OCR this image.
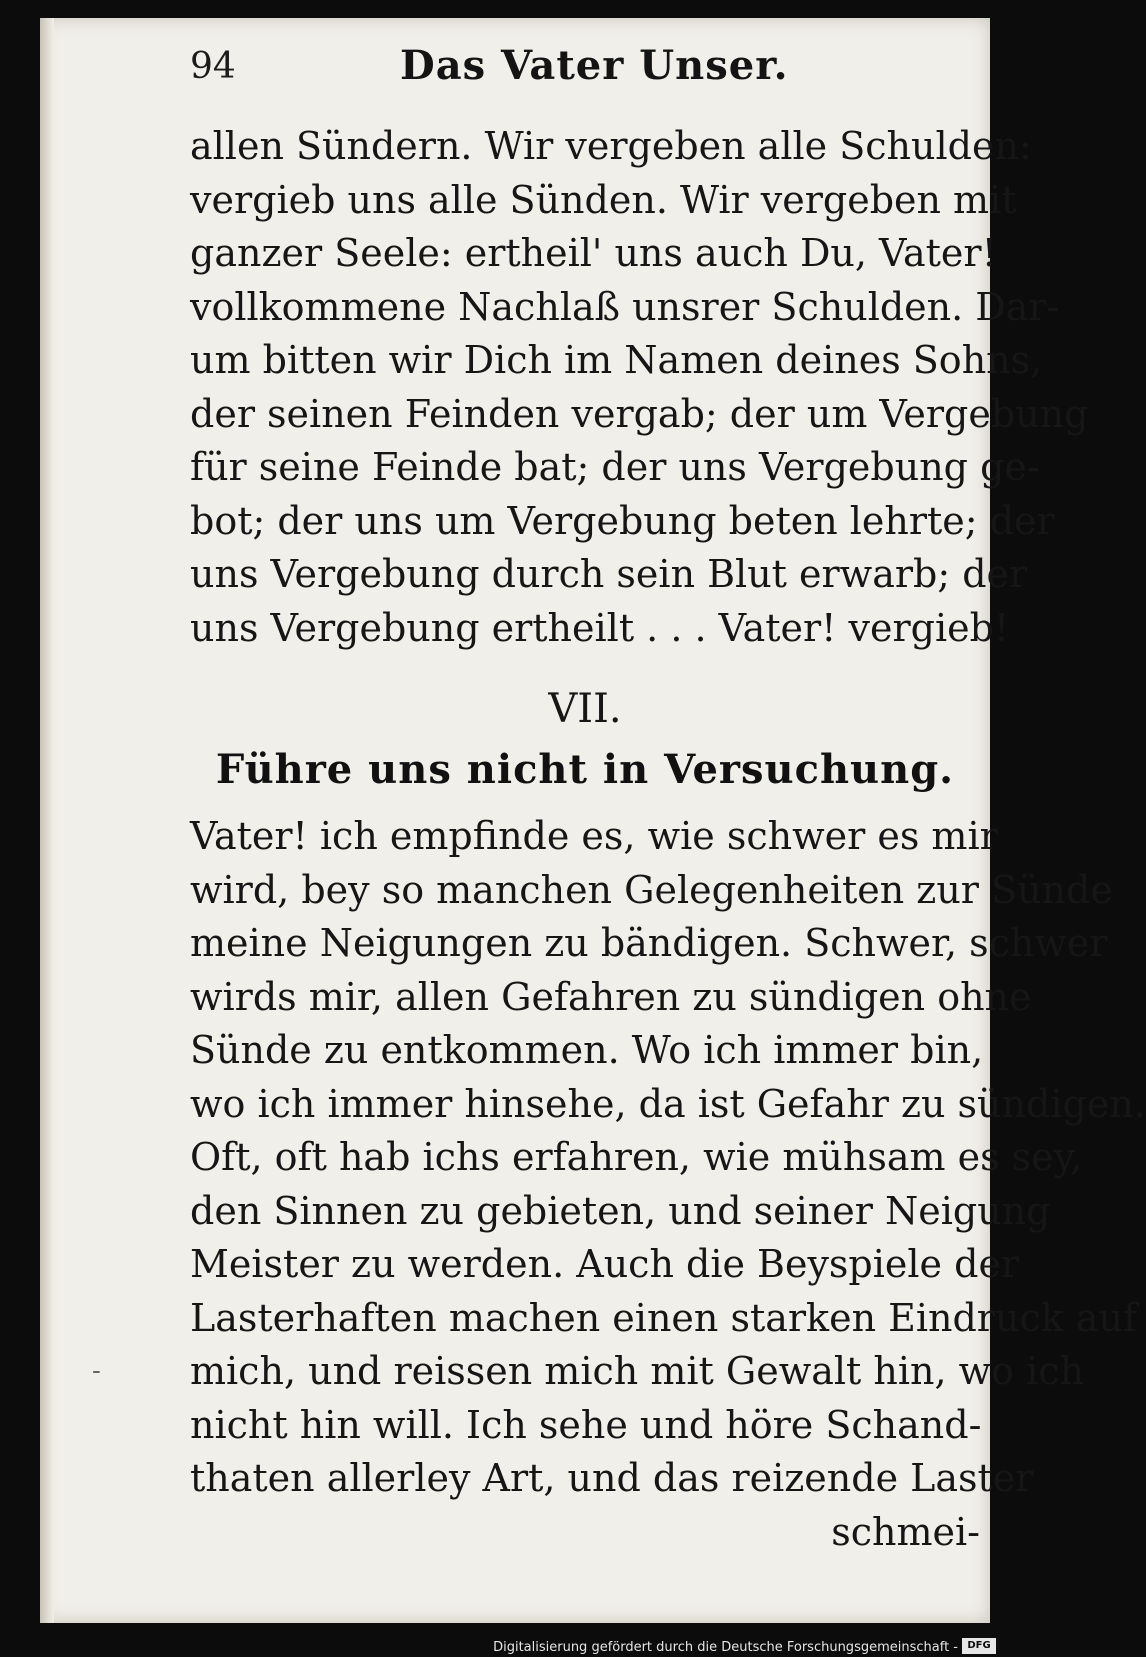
94	Das Vater Unser.
allen Sündern. Wir vergeben alle Schulden:
vergieb uns alle Sünden. Wir vergeben mit
ganzer Seele: ertheil' uns auch Du, Vater!
vollkommene Nachlaß unsrer Schulden. Dar-
um bitten wir Dich im Namen deines Sohns,
der seinen Feinden vergab; der um Vergebung
für seine Feinde bat; der uns Vergebung ge-
bot; der uns um Vergebung beten lehrte; der
uns Vergebung durch sein Blut erwarb; der
uns Vergebung ertheilt . . . Vater! vergieb!
VII.
Führe uns nicht in Versuchung.
Vater! ich empfinde es, wie schwer es mir
wird, bey so manchen Gelegenheiten zur Sünde
meine Neigungen zu bändigen. Schwer, schwer
wirds mir, allen Gefahren zu sündigen ohne
Sünde zu entkommen. Wo ich immer bin,
wo ich immer hinsehe, da ist Gefahr zu sündigen.
Oft, oft hab ichs erfahren, wie mühsam es sey,
den Sinnen zu gebieten, und seiner Neigung
Meister zu werden. Auch die Beyspiele der
Lasterhaften machen einen starken Eindruck auf
mich, und reissen mich mit Gewalt hin, wo ich
nicht hin will. Ich sehe und höre Schand-
thaten allerley Art, und das reizende Laster
schmei-
-
Digitalisierung gefördert durch die Deutsche Forschungsgemeinschaft - DFG
